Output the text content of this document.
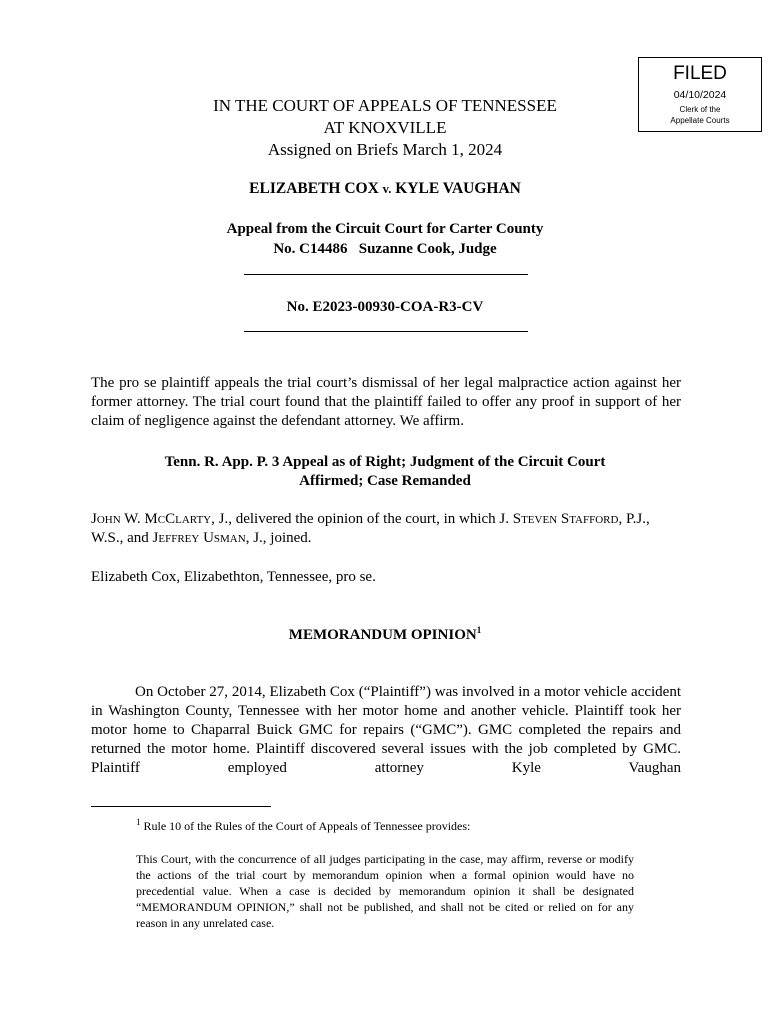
FILED
04/10/2024
Clerk of the
Appellate Courts
IN THE COURT OF APPEALS OF TENNESSEE
AT KNOXVILLE
Assigned on Briefs March 1, 2024
ELIZABETH COX v. KYLE VAUGHAN
Appeal from the Circuit Court for Carter County
No. C14486   Suzanne Cook, Judge
No. E2023-00930-COA-R3-CV
The pro se plaintiff appeals the trial court’s dismissal of her legal malpractice action against her former attorney. The trial court found that the plaintiff failed to offer any proof in support of her claim of negligence against the defendant attorney. We affirm.
Tenn. R. App. P. 3 Appeal as of Right; Judgment of the Circuit Court
Affirmed; Case Remanded
John W. McClarty, J., delivered the opinion of the court, in which J. Steven Stafford, P.J., W.S., and Jeffrey Usman, J., joined.
Elizabeth Cox, Elizabethton, Tennessee, pro se.
MEMORANDUM OPINION$^1$
On October 27, 2014, Elizabeth Cox (“Plaintiff”) was involved in a motor vehicle accident in Washington County, Tennessee with her motor home and another vehicle. Plaintiff took her motor home to Chaparral Buick GMC for repairs (“GMC”). GMC completed the repairs and returned the motor home. Plaintiff discovered several issues with the job completed by GMC. Plaintiff employed attorney Kyle Vaughan
$^1$ Rule 10 of the Rules of the Court of Appeals of Tennessee provides:
This Court, with the concurrence of all judges participating in the case, may affirm, reverse or modify the actions of the trial court by memorandum opinion when a formal opinion would have no precedential value. When a case is decided by memorandum opinion it shall be designated “MEMORANDUM OPINION,” shall not be published, and shall not be cited or relied on for any reason in any unrelated case.
